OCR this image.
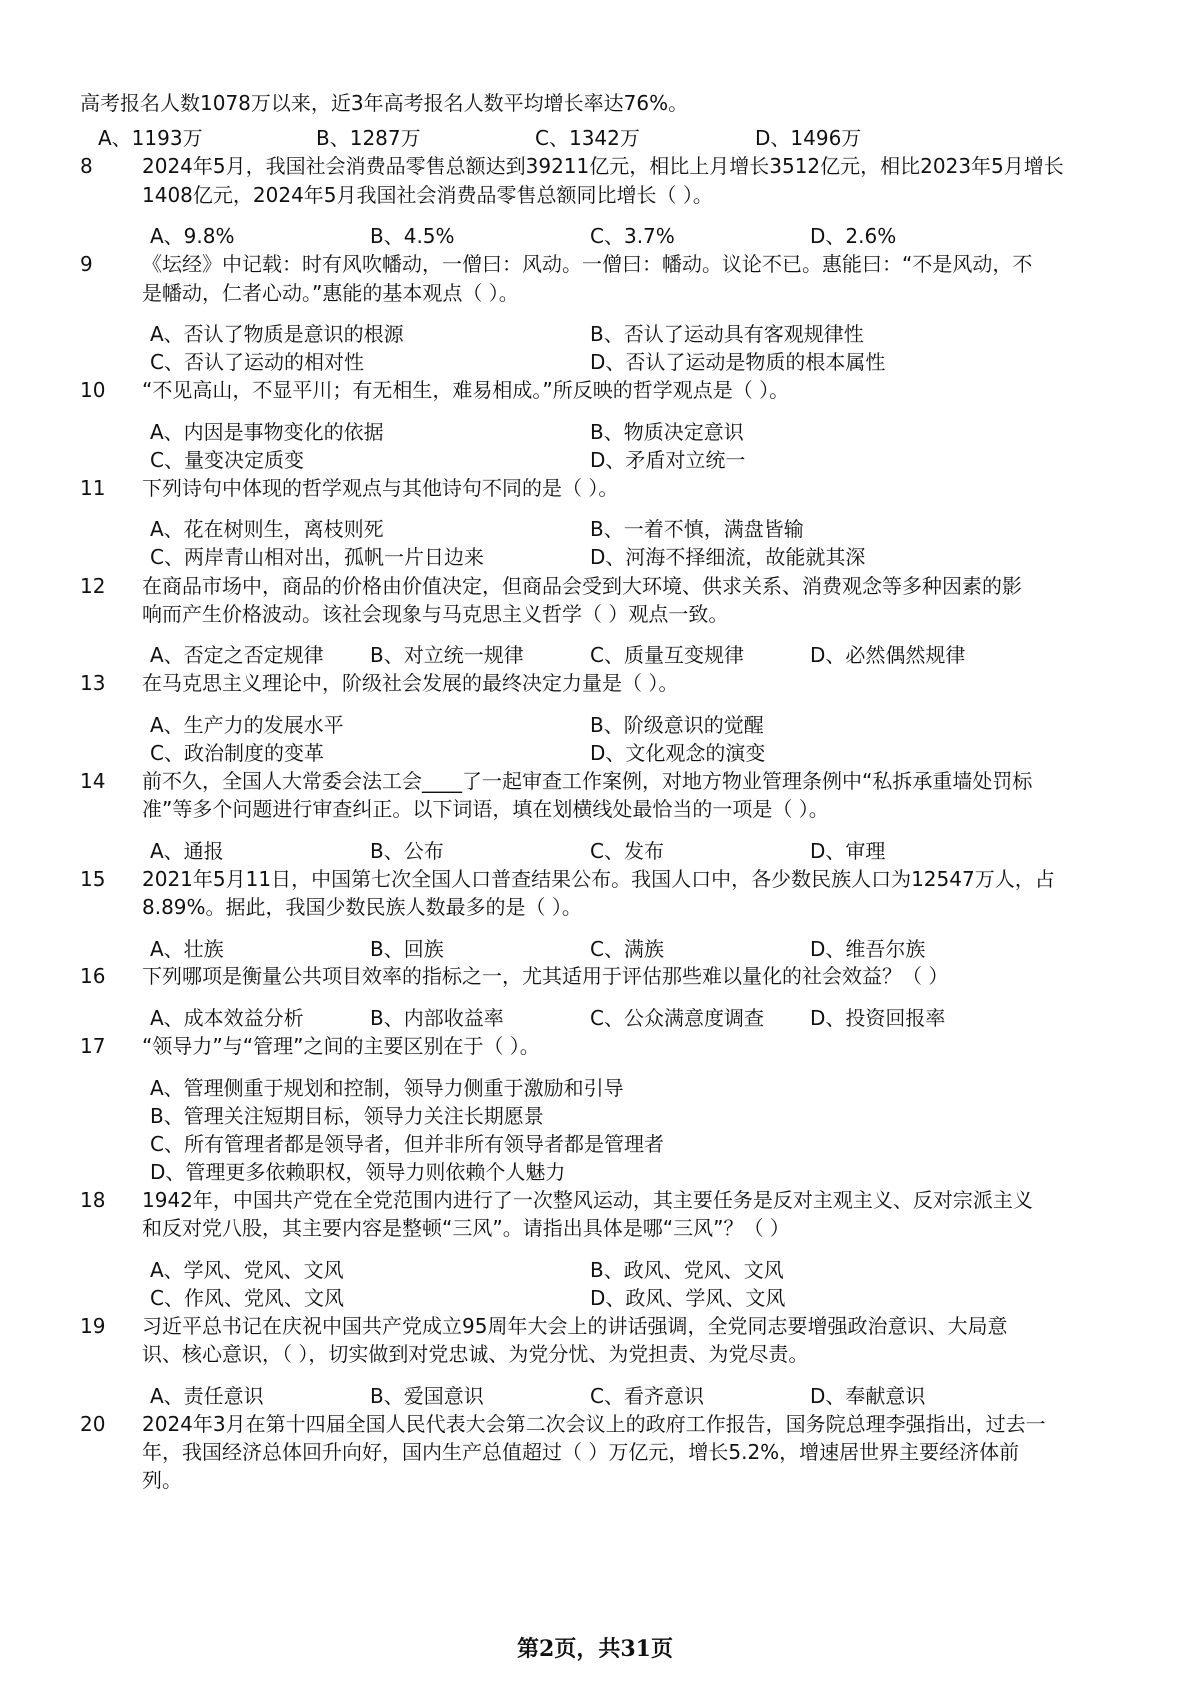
高考报名人数1078万以来，近3年高考报名人数平均增长率达76%。
A、1193万	B、1287万	C、1342万	D、1496万
8	2024年5月，我国社会消费品零售总额达到39211亿元，相比上月增长3512亿元，相比2023年5月增长
1408亿元，2024年5月我国社会消费品零售总额同比增长（ ）。
A、9.8%	B、4.5%	C、3.7%	D、2.6%
9	《坛经》中记载：时有风吹幡动，一僧曰：风动。一僧曰：幡动。议论不已。惠能曰：“不是风动，不
是幡动，仁者心动。”惠能的基本观点（ ）。
A、否认了物质是意识的根源	B、否认了运动具有客观规律性
C、否认了运动的相对性	D、否认了运动是物质的根本属性
10	“不见高山，不显平川；有无相生，难易相成。”所反映的哲学观点是（ ）。
A、内因是事物变化的依据	B、物质决定意识
C、量变决定质变	D、矛盾对立统一
11	下列诗句中体现的哲学观点与其他诗句不同的是（ ）。
A、花在树则生，离枝则死	B、一着不慎，满盘皆输
C、两岸青山相对出，孤帆一片日边来	D、河海不择细流，故能就其深
12	在商品市场中，商品的价格由价值决定，但商品会受到大环境、供求关系、消费观念等多种因素的影
响而产生价格波动。该社会现象与马克思主义哲学（ ）观点一致。
A、否定之否定规律 B、对立统一规律	C、质量互变规律	D、必然偶然规律
13	在马克思主义理论中，阶级社会发展的最终决定力量是（ ）。
A、生产力的发展水平	B、阶级意识的觉醒
C、政治制度的变革	D、文化观念的演变
14	前不久，全国人大常委会法工会____了一起审查工作案例，对地方物业管理条例中“私拆承重墙处罚标
准”等多个问题进行审查纠正。以下词语，填在划横线处最恰当的一项是（ ）。
A、通报	B、公布	C、发布	D、审理
15	2021年5月11日，中国第七次全国人口普查结果公布。我国人口中，各少数民族人口为12547万人，占
8.89%。据此，我国少数民族人数最多的是（ ）。
A、壮族	B、回族	C、满族	D、维吾尔族
16	下列哪项是衡量公共项目效率的指标之一，尤其适用于评估那些难以量化的社会效益？（ ）
A、成本效益分析	B、内部收益率	C、公众满意度调查 D、投资回报率
17	“领导力”与“管理”之间的主要区别在于（ ）。
A、管理侧重于规划和控制，领导力侧重于激励和引导
B、管理关注短期目标，领导力关注长期愿景
C、所有管理者都是领导者，但并非所有领导者都是管理者
D、管理更多依赖职权，领导力则依赖个人魅力
18	1942年，中国共产党在全党范围内进行了一次整风运动，其主要任务是反对主观主义、反对宗派主义
和反对党八股，其主要内容是整顿“三风”。请指出具体是哪“三风”？（ ）
A、学风、党风、文风	B、政风、党风、文风
C、作风、党风、文风	D、政风、学风、文风
19	习近平总书记在庆祝中国共产党成立95周年大会上的讲话强调，全党同志要增强政治意识、大局意
识、核心意识，（ ），切实做到对党忠诚、为党分忧、为党担责、为党尽责。
A、责任意识	B、爱国意识	C、看齐意识	D、奉献意识
20	2024年3月在第十四届全国人民代表大会第二次会议上的政府工作报告，国务院总理李强指出，过去一
年，我国经济总体回升向好，国内生产总值超过（ ）万亿元，增长5.2%，增速居世界主要经济体前
列。
第2页，共31页
